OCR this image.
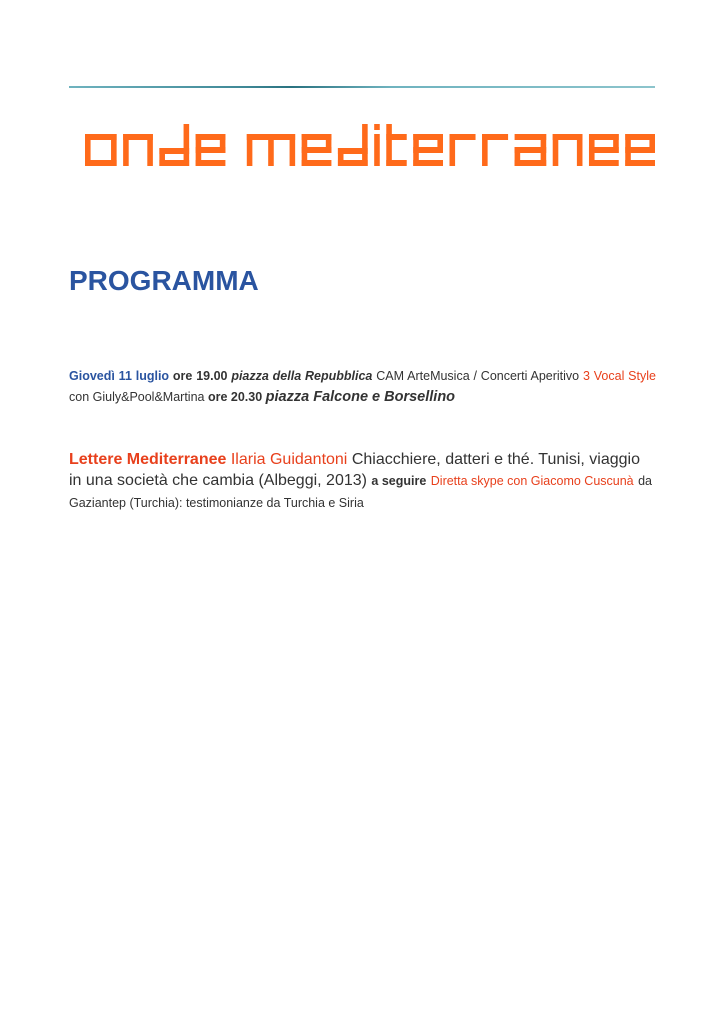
PROGRAMMA

Giovedì 11 luglio ore 19.00 piazza della Repubblica CAM ArteMusica / Concerti Aperitivo 3 Vocal Style con Giuly&Pool&Martina ore 20.30 piazza Falcone e Borsellino

Lettere Mediterranee Ilaria Guidantoni Chiacchiere, datteri e thé. Tunisi, viaggio in una società che cambia (Albeggi, 2013) a seguire Diretta skype con Giacomo Cuscunà da Gaziantep (Turchia): testimonianze da Turchia e Siria
